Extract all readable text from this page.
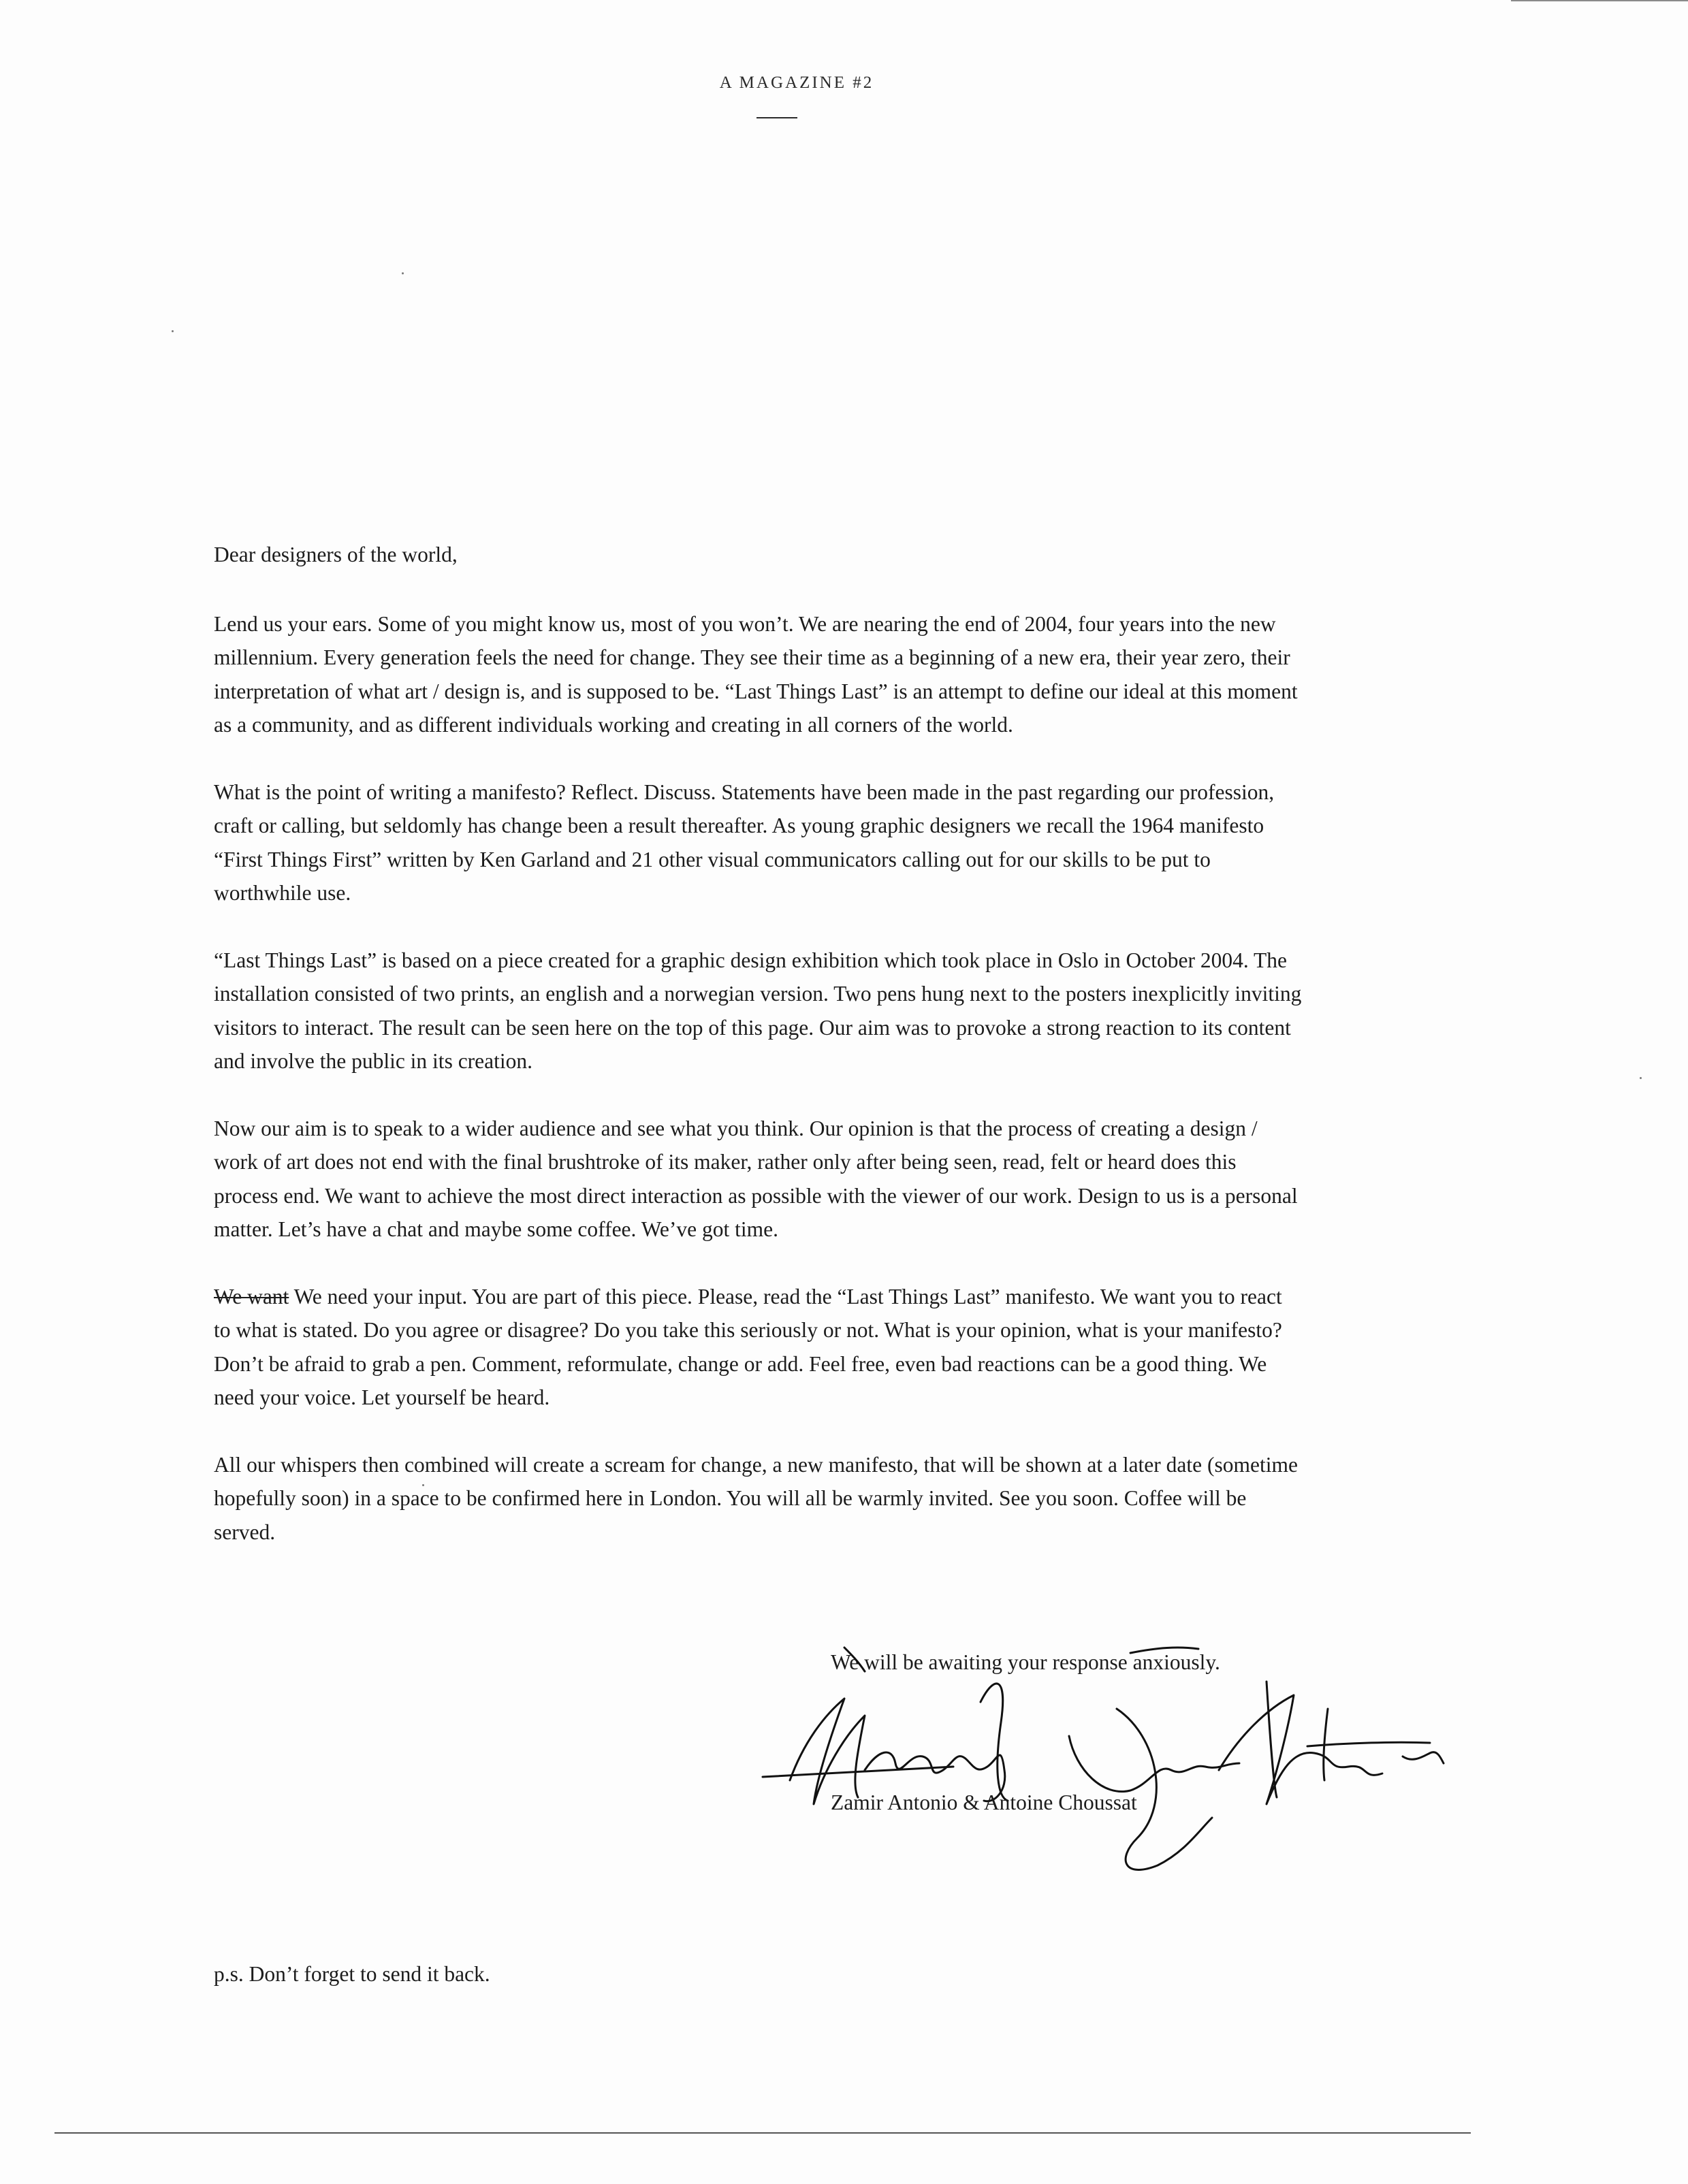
A MAGAZINE #2

Dear designers of the world,

Lend us your ears. Some of you might know us, most of you won’t. We are nearing the end of 2004, four years into the new millennium. Every generation feels the need for change. They see their time as a beginning of a new era, their year zero, their interpretation of what art / design is, and is supposed to be. “Last Things Last” is an attempt to define our ideal at this moment as a community, and as different individuals working and creating in all corners of the world.

What is the point of writing a manifesto? Reflect. Discuss. Statements have been made in the past regarding our profession, craft or calling, but seldomly has change been a result thereafter. As young graphic designers we recall the 1964 manifesto “First Things First” written by Ken Garland and 21 other visual communicators calling out for our skills to be put to worthwhile use.

“Last Things Last” is based on a piece created for a graphic design exhibition which took place in Oslo in October 2004. The installation consisted of two prints, an english and a norwegian version. Two pens hung next to the posters inexplicitly inviting visitors to interact. The result can be seen here on the top of this page. Our aim was to provoke a strong reaction to its content and involve the public in its creation.

Now our aim is to speak to a wider audience and see what you think. Our opinion is that the process of creating a design / work of art does not end with the final brushtroke of its maker, rather only after being seen, read, felt or heard does this process end. We want to achieve the most direct interaction as possible with the viewer of our work. Design to us is a personal matter. Let’s have a chat and maybe some coffee. We’ve got time.

We want We need your input. You are part of this piece. Please, read the “Last Things Last” manifesto. We want you to react to what is stated. Do you agree or disagree? Do you take this seriously or not. What is your opinion, what is your manifesto? Don’t be afraid to grab a pen. Comment, reformulate, change or add. Feel free, even bad reactions can be a good thing. We need your voice. Let yourself be heard.

All our whispers then combined will create a scream for change, a new manifesto, that will be shown at a later date (sometime hopefully soon) in a space to be confirmed here in London. You will all be warmly invited. See you soon. Coffee will be served.

We will be awaiting your response anxiously.
Zamir Antonio & Antoine Choussat
p.s. Don’t forget to send it back.
